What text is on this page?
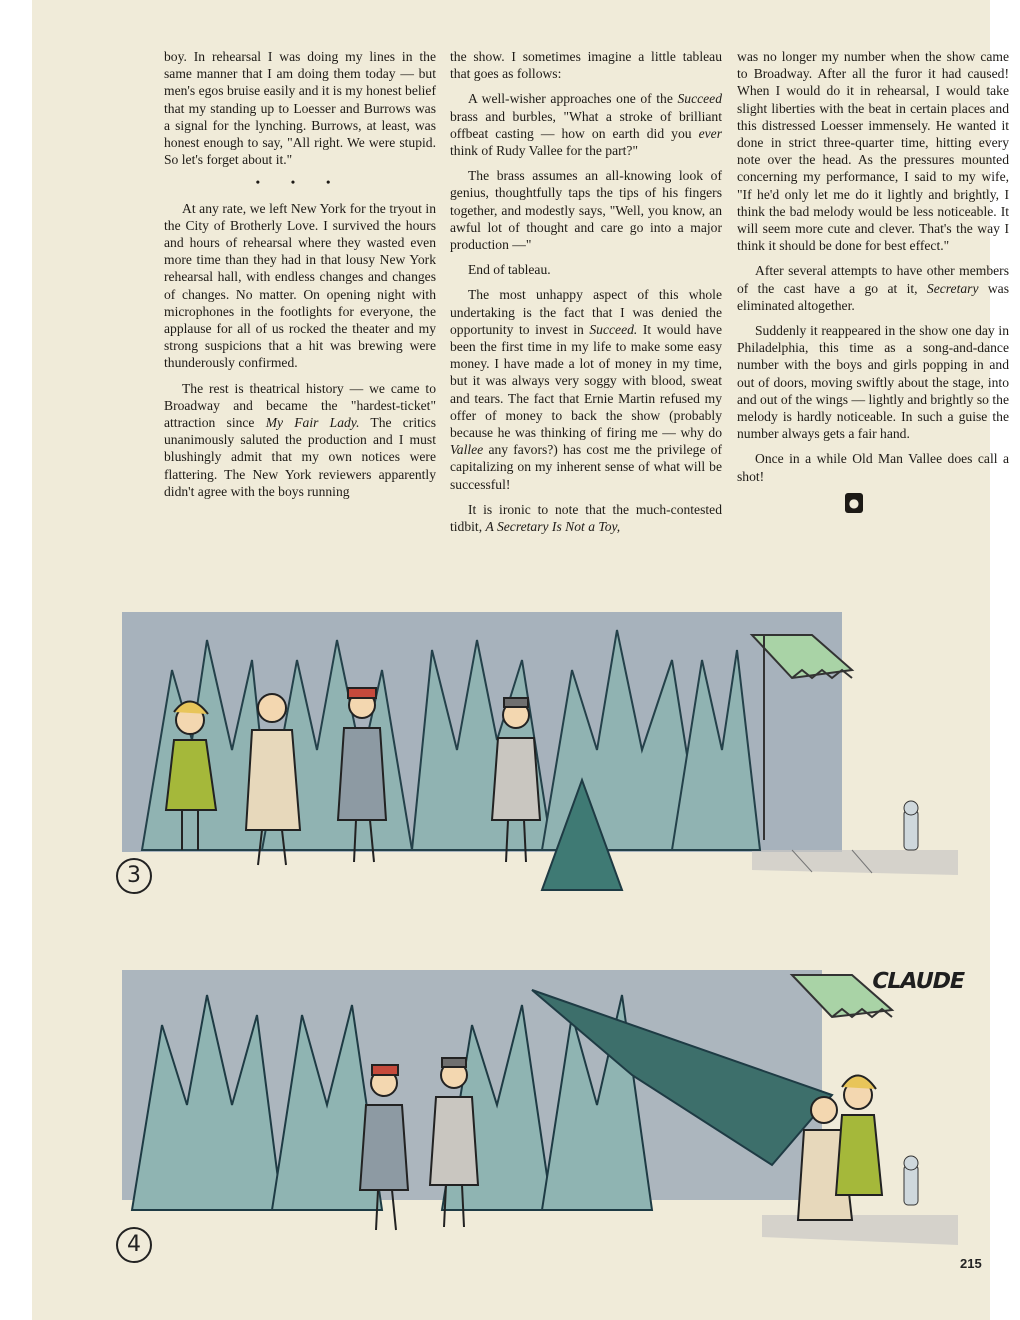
boy. In rehearsal I was doing my lines in the same manner that I am doing them today — but men's egos bruise easily and it is my honest belief that my standing up to Loesser and Burrows was a signal for the lynching. Burrows, at least, was honest enough to say, "All right. We were stupid. So let's forget about it."

• • •

At any rate, we left New York for the tryout in the City of Brotherly Love. I survived the hours and hours of rehearsal where they wasted even more time than they had in that lousy New York rehearsal hall, with endless changes and changes of changes. No matter. On opening night with microphones in the footlights for everyone, the applause for all of us rocked the theater and my strong suspicions that a hit was brewing were thunderously confirmed.

The rest is theatrical history — we came to Broadway and became the "hardest-ticket" attraction since My Fair Lady. The critics unanimously saluted the production and I must blushingly admit that my own notices were flattering. The New York reviewers apparently didn't agree with the boys running

the show. I sometimes imagine a little tableau that goes as follows:

A well-wisher approaches one of the Succeed brass and burbles, "What a stroke of brilliant offbeat casting — how on earth did you ever think of Rudy Vallee for the part?"

The brass assumes an all-knowing look of genius, thoughtfully taps the tips of his fingers together, and modestly says, "Well, you know, an awful lot of thought and care go into a major production —"

End of tableau.

The most unhappy aspect of this whole undertaking is the fact that I was denied the opportunity to invest in Succeed. It would have been the first time in my life to make some easy money. I have made a lot of money in my time, but it was always very soggy with blood, sweat and tears. The fact that Ernie Martin refused my offer of money to back the show (probably because he was thinking of firing me — why do Vallee any favors?) has cost me the privilege of capitalizing on my inherent sense of what will be successful!

It is ironic to note that the much-contested tidbit, A Secretary Is Not a Toy,

was no longer my number when the show came to Broadway. After all the furor it had caused! When I would do it in rehearsal, I would take slight liberties with the beat in certain places and this distressed Loesser immensely. He wanted it done in strict three-quarter time, hitting every note over the head. As the pressures mounted concerning my performance, I said to my wife, "If he'd only let me do it lightly and brightly, I think the bad melody would be less noticeable. It will seem more cute and clever. That's the way I think it should be done for best effect."

After several attempts to have other members of the cast have a go at it, Secretary was eliminated altogether.

Suddenly it reappeared in the show one day in Philadelphia, this time as a song-and-dance number with the boys and girls popping in and out of doors, moving swiftly about the stage, into and out of the wings — lightly and brightly so the melody is hardly noticeable. In such a guise the number always gets a fair hand.

Once in a while Old Man Vallee does call a shot!

●
3
CLAUDE
4
215
